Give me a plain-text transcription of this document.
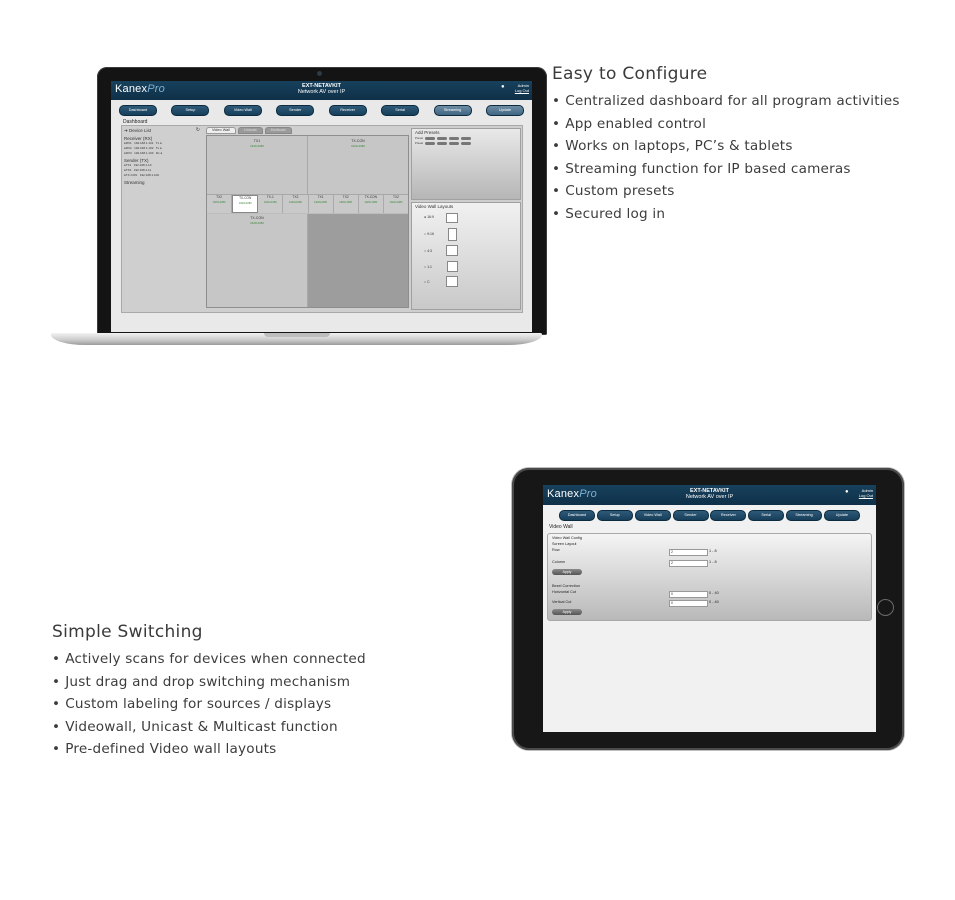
Easy to Configure
• Centralized dashboard for all program activities
• App enabled control
• Works on laptops, PC’s & tablets
• Streaming function for IP based cameras
• Custom presets
• Secured log in
Simple Switching
• Actively scans for devices when connected
• Just drag and drop switching mechanism
• Custom labeling for sources / displays
• Videowall, Unicast & Multicast function
• Pre-defined Video wall layouts
KanexPro	EXT-NETAVKIT
Network AV over IP
●	Admin
Log Out
Dashboard	Setup	Video Wall	Sender	Receiver	Serial	Streaming	Update
Dashboard
➔ Device List	↻
Receiver (RX)
●RX1 192.168.1.101 Tx ●
●RX2 192.168.1.102 Tx ●
●RX3 192.168.1.103 Rx ●
Sender (TX)
●TX1 192.168.1.10
●TX2 192.168.1.11
●TX-CON 192.168.1.100
Streaming
Video Wall	Unicast	Multicast
TX1
1920x1080
TX-CON
1920x1080
TX2
1920x1080
TX-CON
1920x1080
TX-1
1920x1080
TX2
1920x1080
TX1
1920x1080
TX2
1920x1080
TX-CON
1920x1080
TX2
1920x1080
TX-CON
1920x1080
Add Presets
Preset
Preset
Video Wall Layouts
● 16:9
○ 9:16
○ 4:3
○ 1:1
○ C
KanexPro	EXT-NETAVKIT
Network AV over IP
●	Admin
Log Out
Dashboard	Setup	Video Wall	Sender	Receiver	Serial	Streaming	Update
Video Wall
Video Wall Config
Screen Layout
Row	2	1 - 8
Column	2	1 - 8
Apply
Bezel Correction
Horizontal Cut	0	0 - 40
Vertical Cut	0	0 - 40
Apply
